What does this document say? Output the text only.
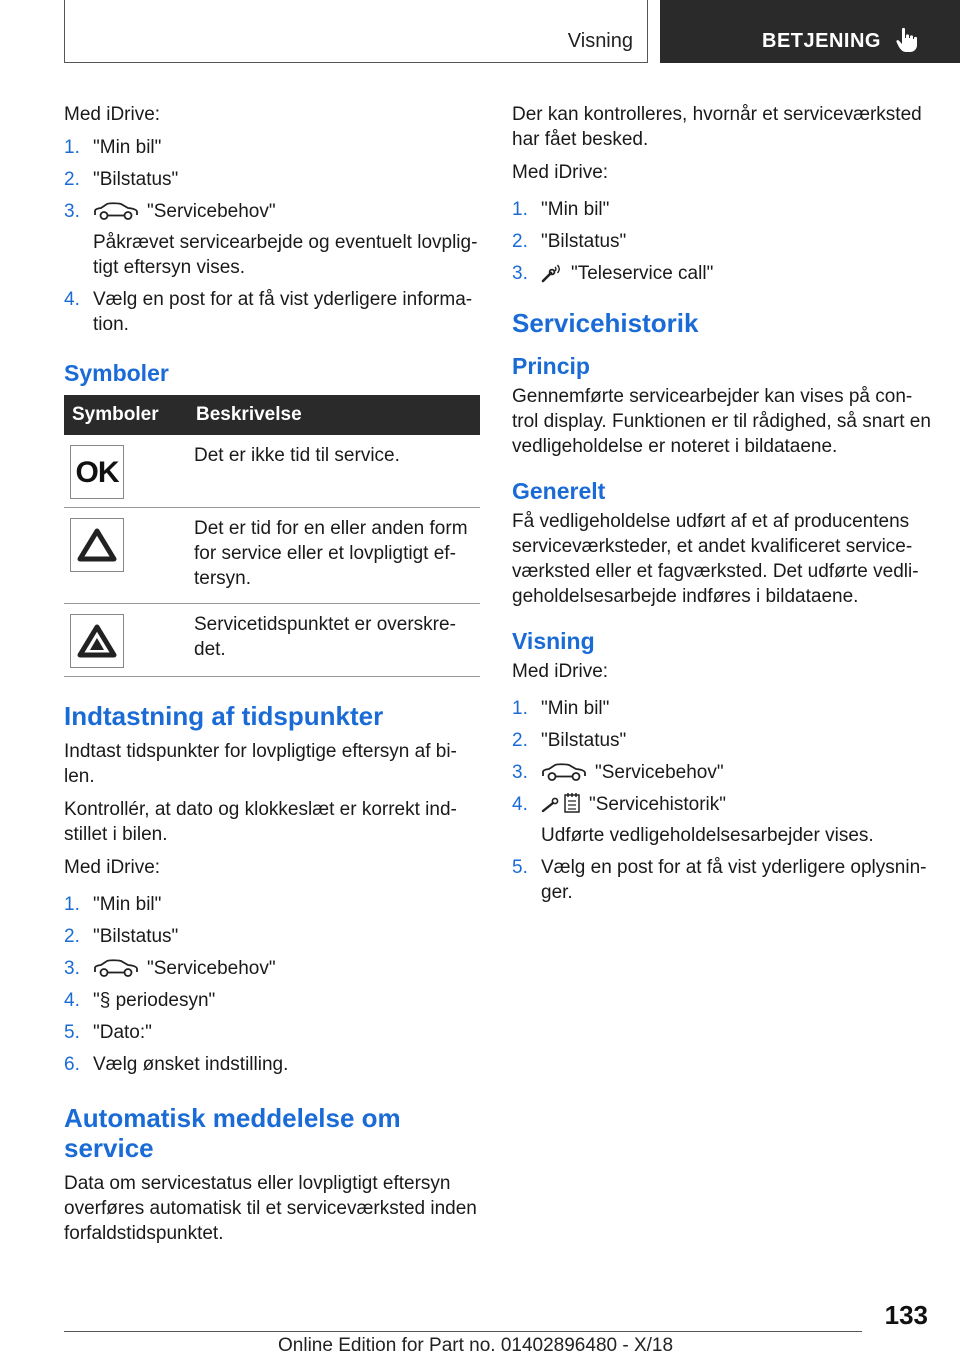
Visning	BETJENING

Med iDrive:

1. "Min bil"
2. "Bilstatus"
3.	"Servicebehov"
Påkrævet servicearbejde og eventuelt lovpligtigt eftersyn vises.
4. Vælg en post for at få vist yderligere information.
Symboler
Symboler	Beskrivelse

OK	Det er ikke tid til service.

	Det er tid for en eller anden form for service eller et lovpligtigt eftersyn.

	Servicetidspunktet er overskredet.
Indtastning af tidspunkter

Indtast tidspunkter for lovpligtige eftersyn af bilen.

Kontrollér, at dato og klokkeslæt er korrekt indstillet i bilen.

Med iDrive:

1. "Min bil"
2. "Bilstatus"
3.	"Servicebehov"
4. "§ periodesyn"
5. "Dato:"
6. Vælg ønsket indstilling.
Automatisk meddelelse om service

Data om servicestatus eller lovpligtigt eftersyn overføres automatisk til et serviceværksted inden forfaldstidspunktet.

Der kan kontrolleres, hvornår et serviceværksted har fået besked.

Med iDrive:

1. "Min bil"
2. "Bilstatus"
3. "Teleservice call"
Servicehistorik
Princip

Gennemførte servicearbejder kan vises på control display. Funktionen er til rådighed, så snart en vedligeholdelse er noteret i bildataene.

Generelt

Få vedligeholdelse udført af et af producentens serviceværksteder, et andet kvalificeret serviceværksted eller et fagværksted. Det udførte vedligeholdelsesarbejde indføres i bildataene.

Visning

Med iDrive:

1. "Min bil"
2. "Bilstatus"
3.	"Servicebehov"
4.	"Servicehistorik"
Udførte vedligeholdelsesarbejder vises.
5. Vælg en post for at få vist yderligere oplysninger.
133
Online Edition for Part no. 01402896480 - X/18
